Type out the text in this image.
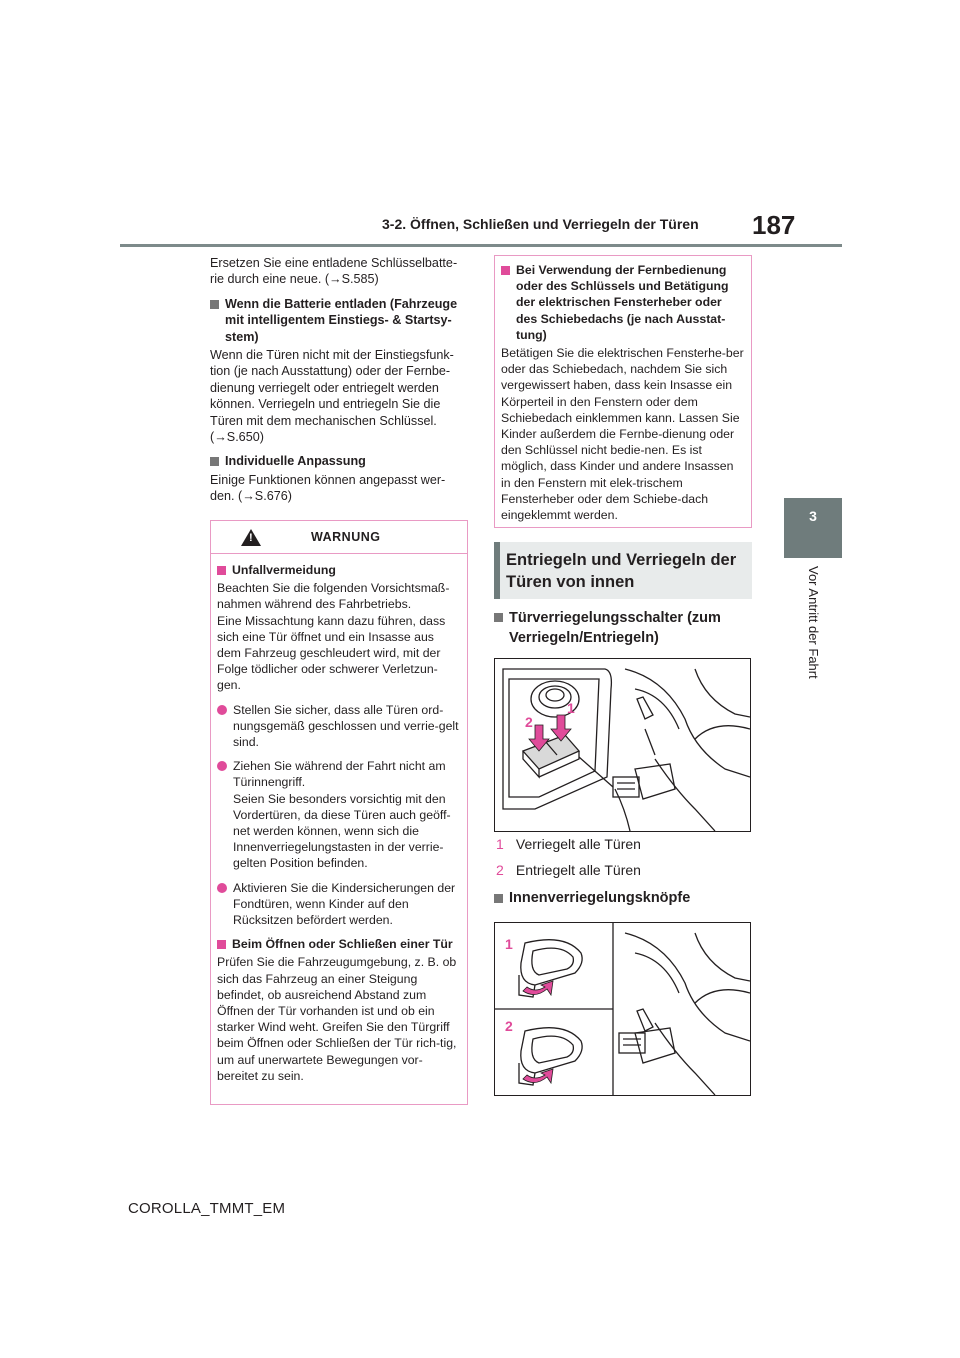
3-2. Öffnen, Schließen und Verriegeln der Türen 187
3
Vor Antritt der Fahrt

Ersetzen Sie eine entladene Schlüsselbatte-rie durch eine neue. (→S.585)

Wenn die Batterie entladen (Fahrzeuge mit intelligentem Einstiegs- & Startsy-stem)

Wenn die Türen nicht mit der Einstiegsfunk-tion (je nach Ausstattung) oder der Fernbe-dienung verriegelt oder entriegelt werden können. Verriegeln und entriegeln Sie die Türen mit dem mechanischen Schlüssel. (→S.650)

Individuelle Anpassung

Einige Funktionen können angepasst wer-den. (→S.676)

!	WARNUNG
Unfallvermeidung

Beachten Sie die folgenden Vorsichtsmaß-nahmen während des Fahrbetriebs.

Eine Missachtung kann dazu führen, dass sich eine Tür öffnet und ein Insasse aus dem Fahrzeug geschleudert wird, mit der Folge tödlicher oder schwerer Verletzun-gen.

Stellen Sie sicher, dass alle Türen ord-nungsgemäß geschlossen und verrie-gelt sind.
Ziehen Sie während der Fahrt nicht am Türinnengriff.
Seien Sie besonders vorsichtig mit den Vordertüren, da diese Türen auch geöff-net werden können, wenn sich die Innenverriegelungstasten in der verrie-gelten Position befinden.
Aktivieren Sie die Kindersicherungen der Fondtüren, wenn Kinder auf den Rücksitzen befördert werden.
Beim Öffnen oder Schließen einer Tür

Prüfen Sie die Fahrzeugumgebung, z. B. ob sich das Fahrzeug an einer Steigung befindet, ob ausreichend Abstand zum Öffnen der Tür vorhanden ist und ob ein starker Wind weht. Greifen Sie den Türgriff beim Öffnen oder Schließen der Tür rich-tig, um auf unerwartete Bewegungen vor-bereitet zu sein.

Bei Verwendung der Fernbedienung oder des Schlüssels und Betätigung der elektrischen Fensterheber oder des Schiebedachs (je nach Ausstat-tung)

Betätigen Sie die elektrischen Fensterhe-ber oder das Schiebedach, nachdem Sie sich vergewissert haben, dass kein Insasse ein Körperteil in den Fenstern oder dem Schiebedach einklemmen kann. Lassen Sie Kinder außerdem die Fernbe-dienung oder den Schlüssel nicht bedie-nen. Es ist möglich, dass Kinder und andere Insassen in den Fenstern mit elek-trischem Fensterheber oder dem Schiebe-dach eingeklemmt werden.

Entriegeln und Verriegeln der Türen von innen
Türverriegelungsschalter (zum Verriegeln/Entriegeln)
1
2
1 Verriegelt alle Türen
2 Entriegelt alle Türen
Innenverriegelungsknöpfe
1
2
COROLLA_TMMT_EM
